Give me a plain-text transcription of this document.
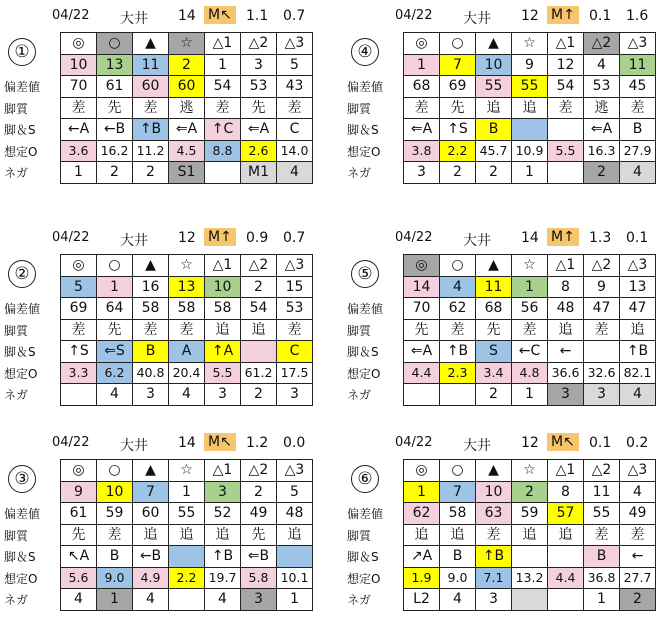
04/22 大井 14 M↖ 1.1 0.7
①
偏差値
脚質
脚＆S
想定O
ネガ
◎	○	▲	☆	△1	△2	△3
10	13	11	2	1	3	5
70	61	60	60	54	53	43
差	先	差	逃	差	先	差
←A	←B	↑B	⇐A	↑C	⇐A	C
3.6	16.2	11.2	4.5	8.8	2.6	14.0
1	2	2	S1		M1	4
04/22 大井 12 M↑ 0.1 1.6
④
偏差値
脚質
脚＆S
想定O
ネガ
◎	○	▲	☆	△1	△2	△3
1	7	10	9	12	4	11
68	69	55	55	54	53	45
差	先	追	追	差	逃	差
⇐A	↑S	B			⇐A	B
3.8	2.2	45.7	10.9	5.5	16.3	27.9
3	2	2	1		2	4
04/22 大井 12 M↑ 0.9 0.7
②
偏差値
脚質
脚＆S
想定O
ネガ
◎	○	▲	☆	△1	△2	△3
5	1	16	13	10	2	15
69	64	58	58	58	54	53
差	先	差	差	追	追	差
↑S	⇐S	B	A	↑A		C
3.3	6.2	40.8	20.4	5.5	61.2	17.5
	4	3	4	3	2	3
04/22 大井 14 M↑ 1.3 0.1
⑤
偏差値
脚質
脚＆S
想定O
ネガ
◎	○	▲	☆	△1	△2	△3
14	4	11	1	8	9	13
70	62	68	56	48	47	47
先	差	先	差	追	差	追
⇐A	↑B	S	←C	←		↑B
4.4	2.3	3.4	4.8	36.6	32.6	82.1
		2	1	3	3	4
04/22 大井 14 M↖ 1.2 0.0
③
偏差値
脚質
脚＆S
想定O
ネガ
◎	○	▲	☆	△1	△2	△3
9	10	7	1	3	2	5
61	59	60	55	52	49	48
先	差	追	追	追	先	追
↖A	B	←B		↑B	⇐B	
5.6	9.0	4.9	2.2	19.7	5.8	10.1
4	1	4		4	3	1
04/22 大井 12 M↖ 0.1 0.2
⑥
偏差値
脚質
脚＆S
想定O
ネガ
◎	○	▲	☆	△1	△2	△3
1	7	10	2	8	11	4
62	58	63	59	57	55	49
追	追	差	追	追	差	差
↗A	B	↑B			B	←
1.9	9.0	7.1	13.2	4.4	36.8	27.7
L2	4	3			1	2
